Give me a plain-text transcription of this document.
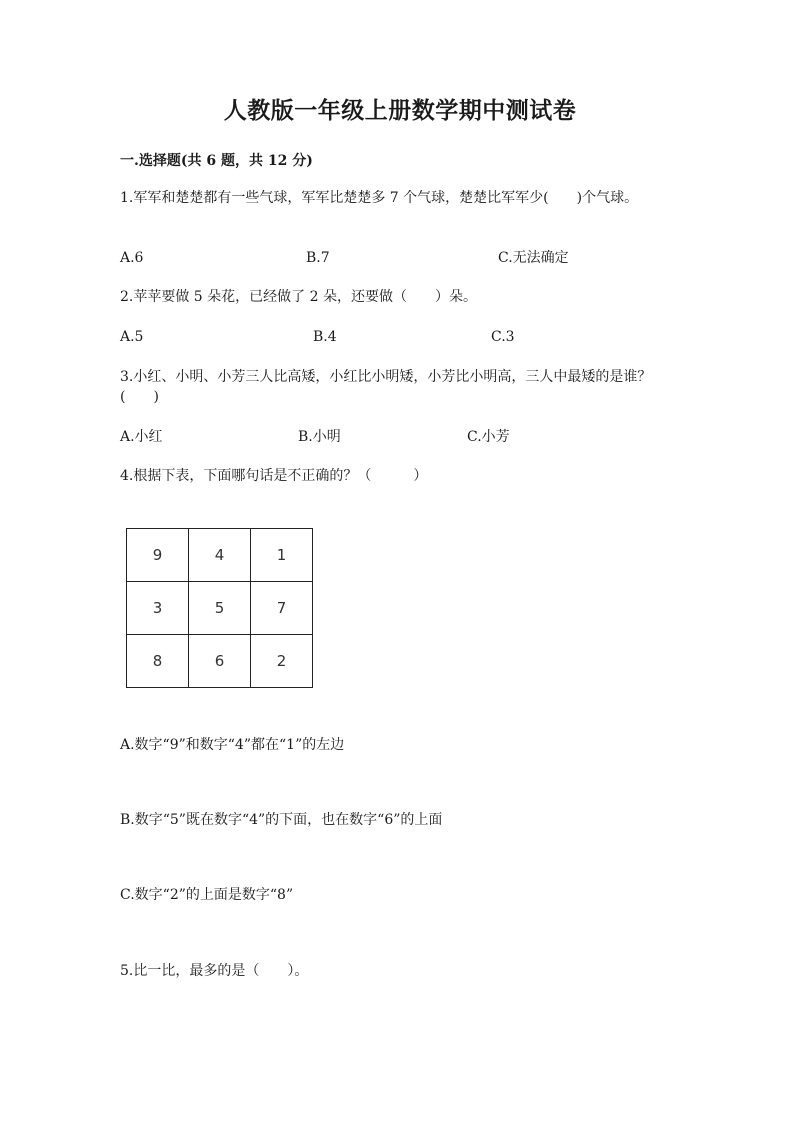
人教版一年级上册数学期中测试卷
一.选择题(共 6 题，共 12 分)
1.军军和楚楚都有一些气球，军军比楚楚多 7 个气球，楚楚比军军少(　　)个气球。
A.6	B.7	C.无法确定
2.苹苹要做 5 朵花，已经做了 2 朵，还要做（　　）朵。
A.5	B.4	C.3
3.小红、小明、小芳三人比高矮，小红比小明矮，小芳比小明高，三人中最矮的是谁？(　　)
A.小红	B.小明	C.小芳
4.根据下表，下面哪句话是不正确的？（　　　）
9	4	1
3	5	7
8	6	2
A.数字“9”和数字“4”都在“1”的左边
B.数字“5”既在数字“4”的下面，也在数字“6”的上面
C.数字“2”的上面是数字“8”
5.比一比，最多的是（　　）。
